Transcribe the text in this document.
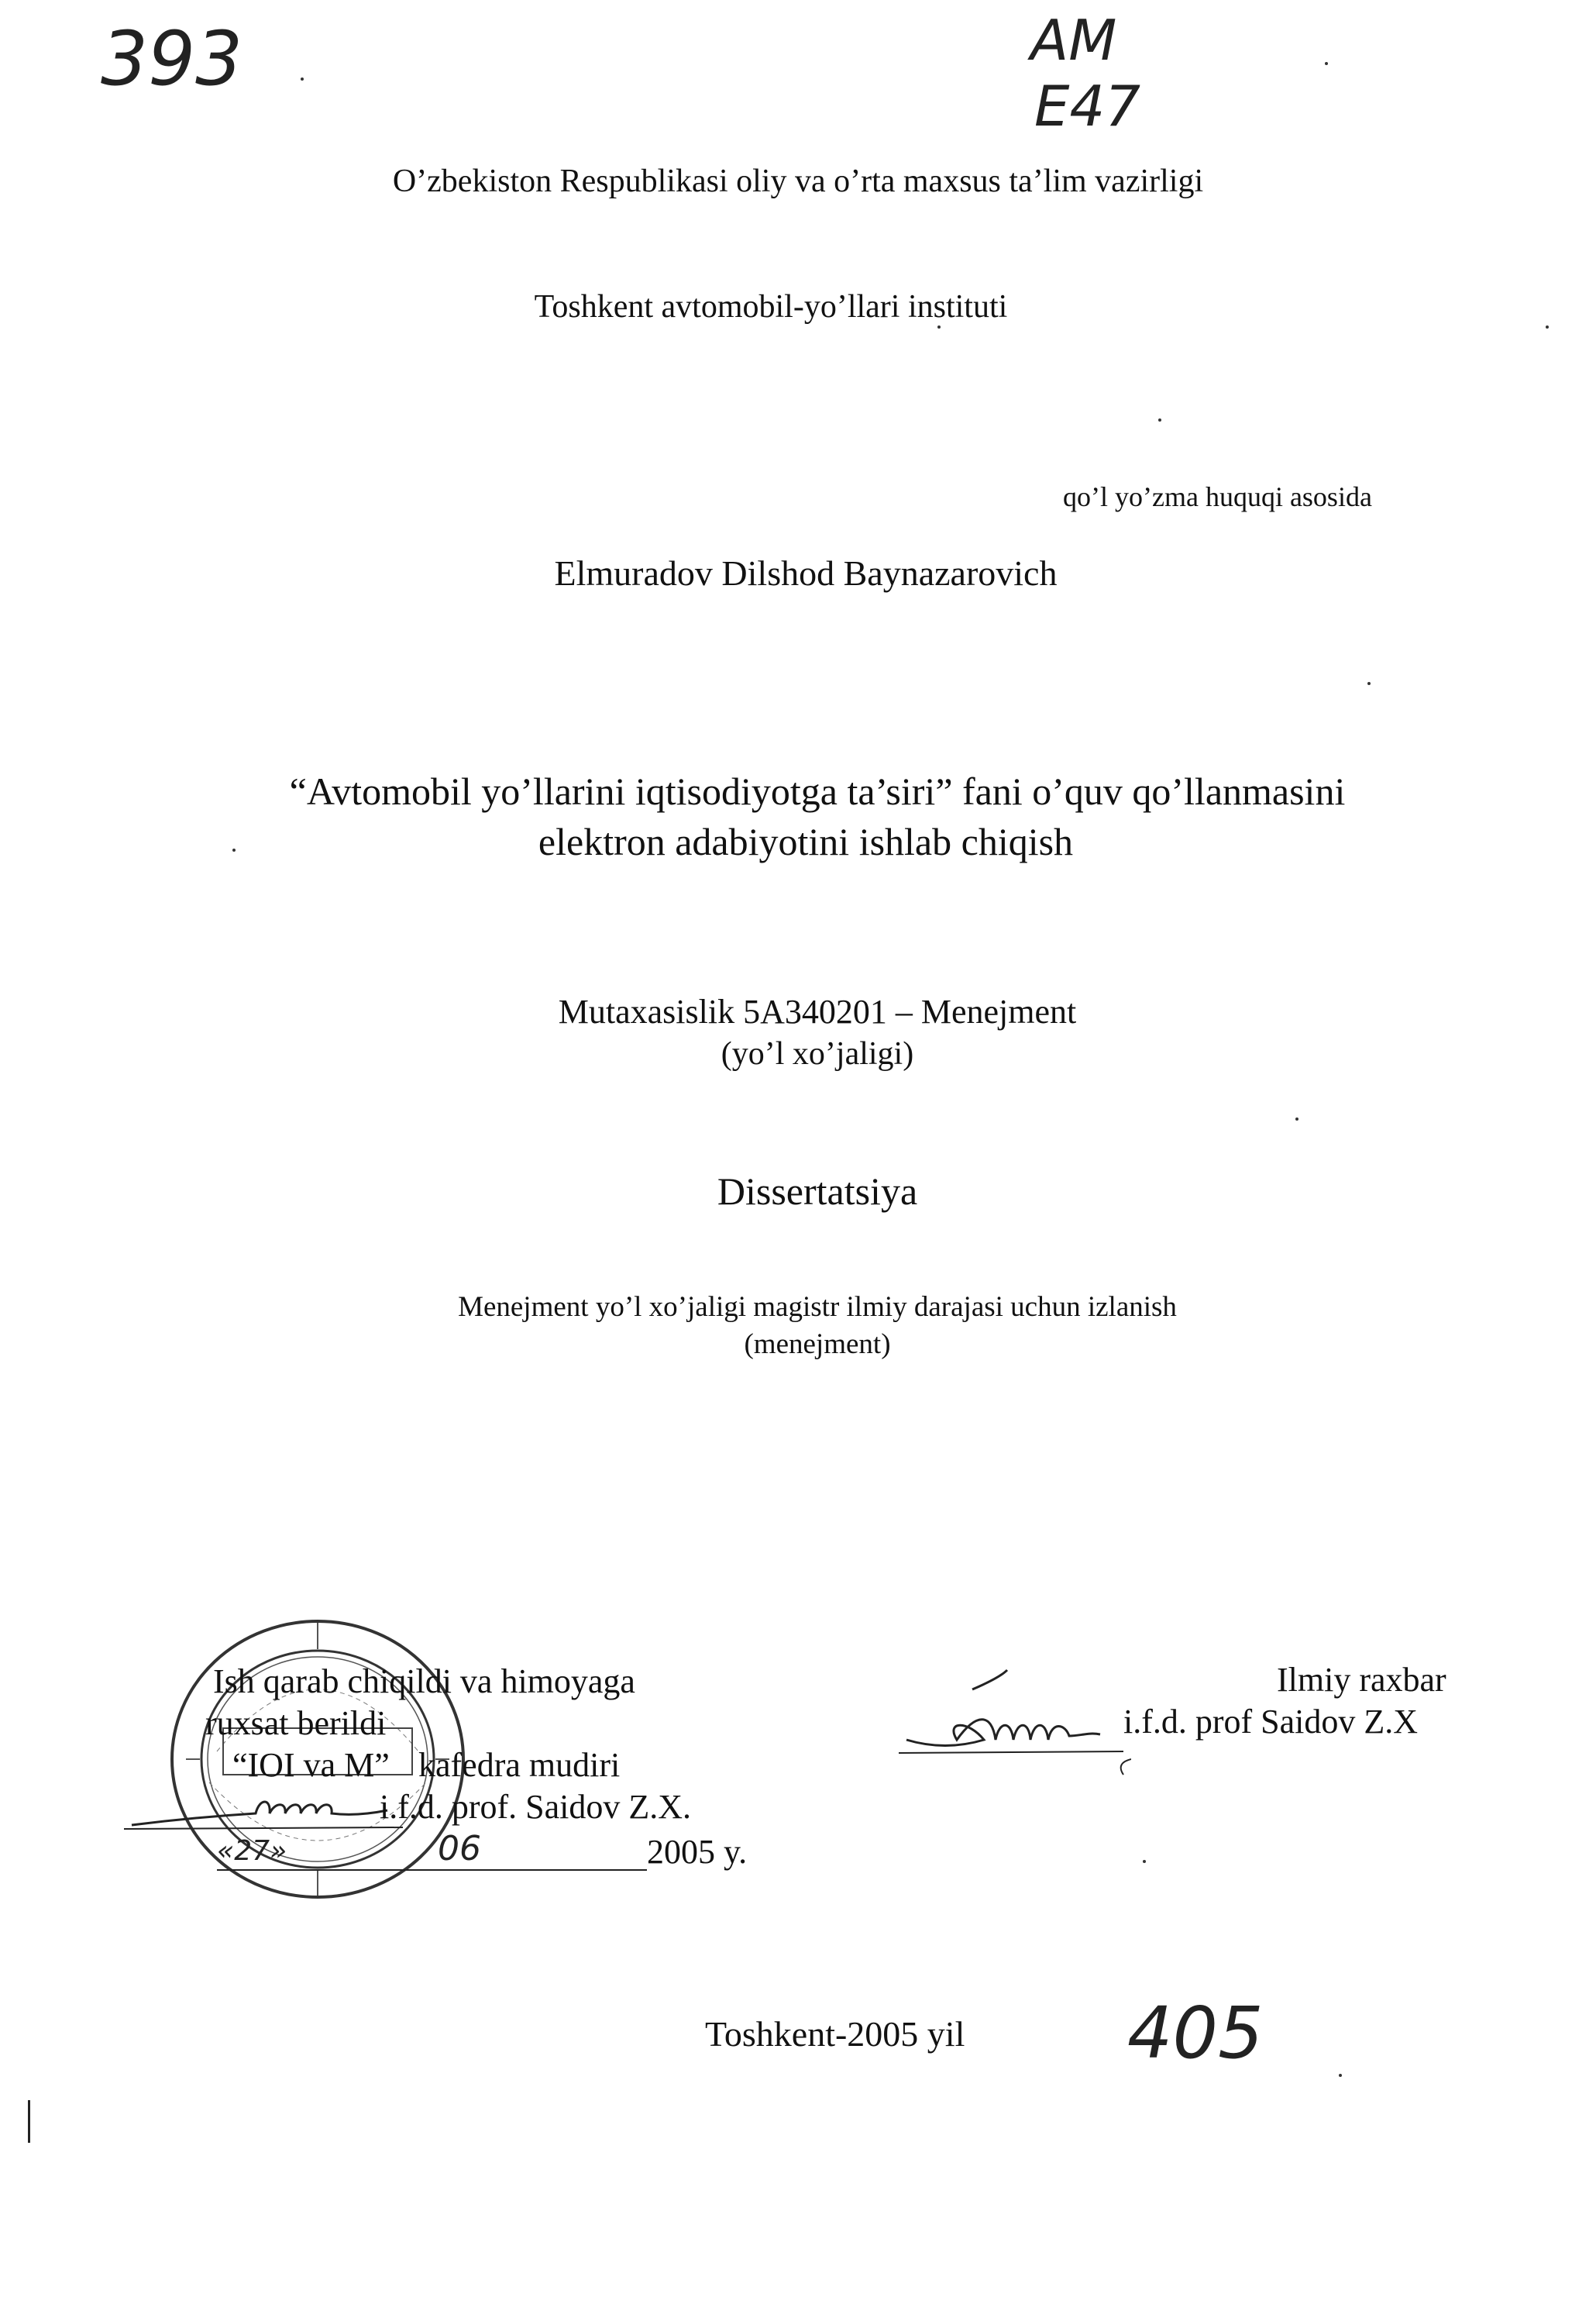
393	AM
E47
O’zbekiston Respublikasi oliy va o’rta maxsus ta’lim vazirligi
Toshkent avtomobil-yo’llari instituti
qo’l yo’zma huquqi asosida
Elmuradov Dilshod Baynazarovich
“Avtomobil yo’llarini iqtisodiyotga ta’siri” fani o’quv qo’llanmasini
elektron adabiyotini ishlab chiqish
Mutaxasislik 5A340201 – Menejment
(yo’l xo’jaligi)
Dissertatsiya
Menejment yo’l xo’jaligi magistr ilmiy darajasi uchun izlanish
(menejment)
Ish qarab chiqildi va himoyaga
ruxsat berildi
“IOI va M” kafedra mudiri
i.f.d. prof. Saidov Z.X.
«27»	06	2005 y.
Ilmiy raxbar
i.f.d. prof Saidov Z.X
Toshkent-2005 yil 405
